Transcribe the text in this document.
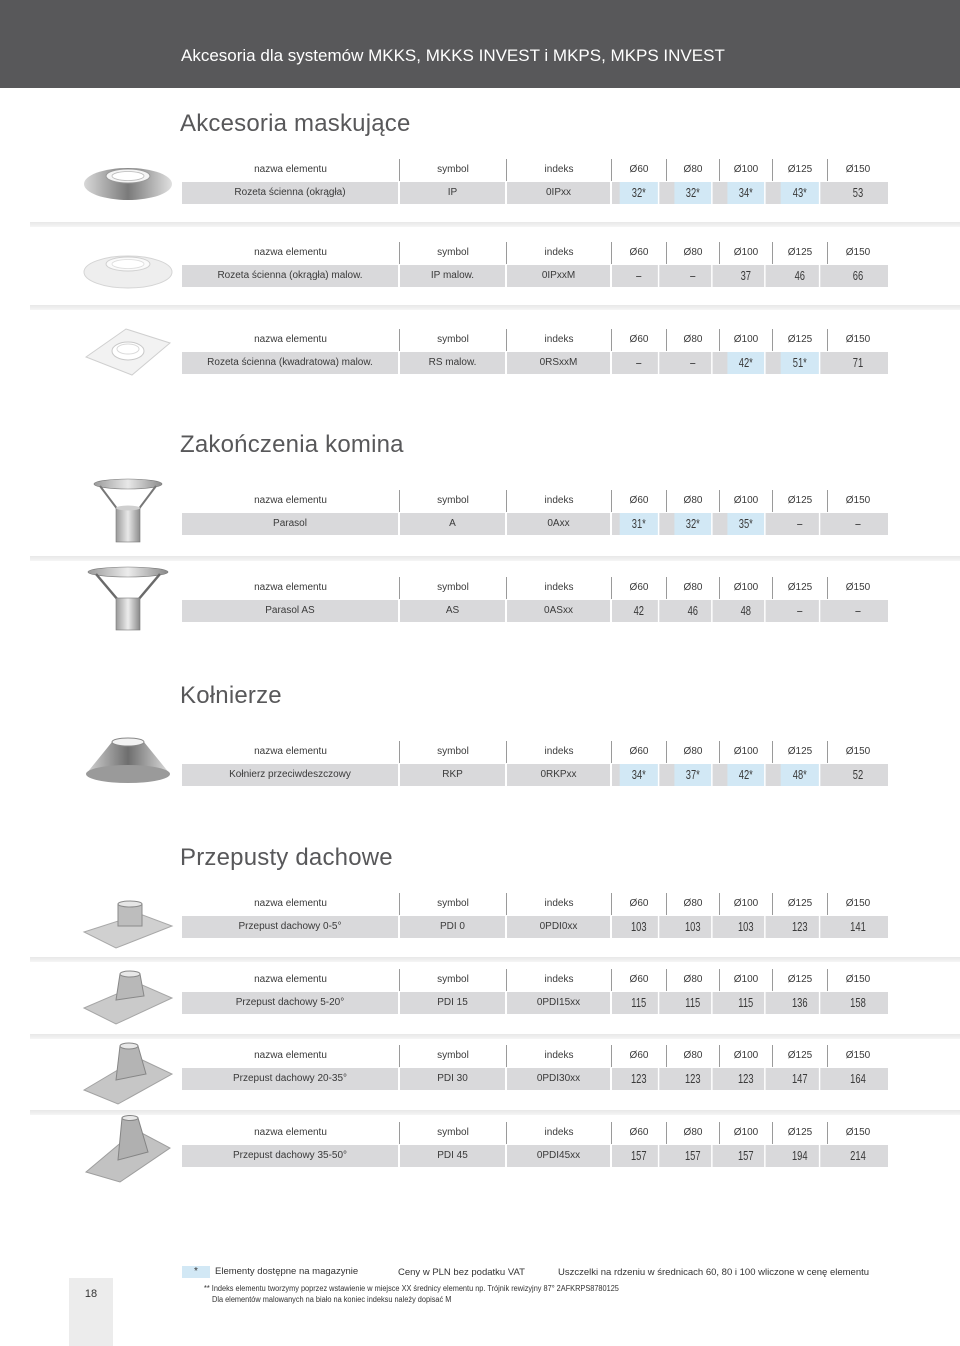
Akcesoria dla systemów MKKS, MKKS INVEST i MKPS, MKPS INVEST
Akcesoria maskujące
Zakończenia komina
Kołnierze
Przepusty dachowe
nazwa elementu	symbol	indeks	Ø60	Ø80	Ø100	Ø125	Ø150
Rozeta ścienna (okrągła)	IP	0IPxx	32*	32*	34*	43*	53
nazwa elementu	symbol	indeks	Ø60	Ø80	Ø100	Ø125	Ø150
Rozeta ścienna (okrągła) malow.	IP malow.	0IPxxM	–	–	37	46	66
nazwa elementu	symbol	indeks	Ø60	Ø80	Ø100	Ø125	Ø150
Rozeta ścienna (kwadratowa) malow.	RS malow.	0RSxxM	–	–	42*	51*	71
nazwa elementu	symbol	indeks	Ø60	Ø80	Ø100	Ø125	Ø150
Parasol	A	0Axx	31*	32*	35*	–	–
nazwa elementu	symbol	indeks	Ø60	Ø80	Ø100	Ø125	Ø150
Parasol AS	AS	0ASxx	42	46	48	–	–
nazwa elementu	symbol	indeks	Ø60	Ø80	Ø100	Ø125	Ø150
Kołnierz przeciwdeszczowy	RKP	0RKPxx	34*	37*	42*	48*	52
nazwa elementu	symbol	indeks	Ø60	Ø80	Ø100	Ø125	Ø150
Przepust dachowy 0-5°	PDI 0	0PDI0xx	103	103	103	123	141
nazwa elementu	symbol	indeks	Ø60	Ø80	Ø100	Ø125	Ø150
Przepust dachowy 5-20°	PDI 15	0PDI15xx	115	115	115	136	158
nazwa elementu	symbol	indeks	Ø60	Ø80	Ø100	Ø125	Ø150
Przepust dachowy 20-35°	PDI 30	0PDI30xx	123	123	123	147	164
nazwa elementu	symbol	indeks	Ø60	Ø80	Ø100	Ø125	Ø150
Przepust dachowy 35-50°	PDI 45	0PDI45xx	157	157	157	194	214
*	Elementy dostępne na magazynie	Ceny w PLN bez podatku VAT	Uszczelki na rdzeniu w średnicach 60, 80 i 100 wliczone w cenę elementu
** Indeks elementu tworzymy poprzez wstawienie w miejsce XX średnicy elementu np. Trójnik rewizyjny 87° 2AFKRPS8780125
Dla elementów malowanych na biało na koniec indeksu należy dopisać M
18
